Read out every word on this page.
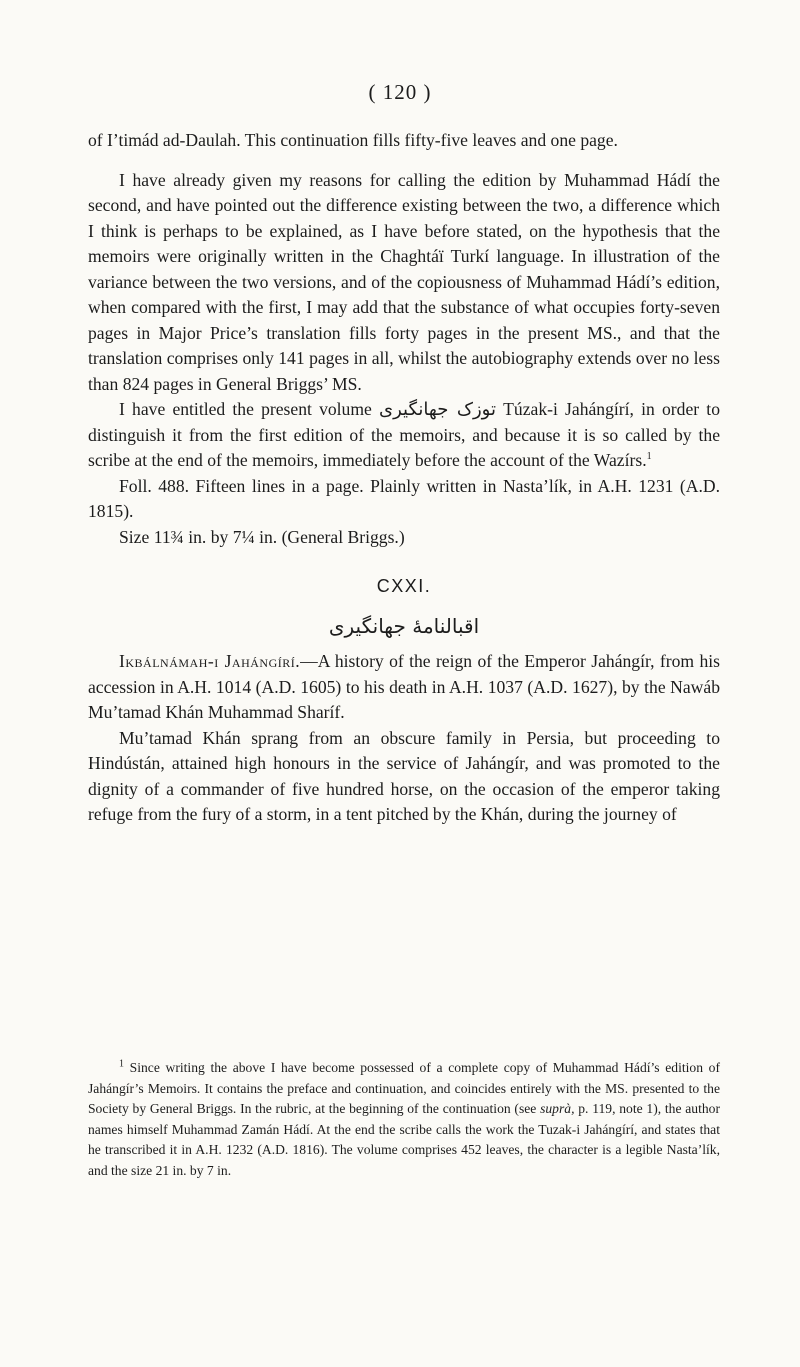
( 120 )

of I’timád ad-Daulah. This continuation fills fifty-five leaves and one page.

I have already given my reasons for calling the edition by Muhammad Hádí the second, and have pointed out the difference existing between the two, a difference which I think is perhaps to be explained, as I have before stated, on the hypothesis that the memoirs were originally written in the Chaghtáï Turkí language. In illustration of the variance between the two versions, and of the copiousness of Muhammad Hádí’s edition, when compared with the first, I may add that the substance of what occupies forty-seven pages in Major Price’s translation fills forty pages in the present MS., and that the translation comprises only 141 pages in all, whilst the autobiography extends over no less than 824 pages in General Briggs’ MS.

I have entitled the present volume توزک جهانگیری Túzak-i Jahángírí, in order to distinguish it from the first edition of the memoirs, and because it is so called by the scribe at the end of the memoirs, immediately before the account of the Wazírs.$^1$

Foll. 488. Fifteen lines in a page. Plainly written in Nasta’lík, in A.H. 1231 (A.D. 1815).

Size 11¾ in. by 7¼ in. (General Briggs.)

CXXI.
اقبالنامهٔ جهانگیری

Ikbálnámah-i Jahángírí.—A history of the reign of the Emperor Jahángír, from his accession in A.H. 1014 (A.D. 1605) to his death in A.H. 1037 (A.D. 1627), by the Nawáb Mu’tamad Khán Muhammad Sharíf.

Mu’tamad Khán sprang from an obscure family in Persia, but proceeding to Hindústán, attained high honours in the service of Jahángír, and was promoted to the dignity of a commander of five hundred horse, on the occasion of the emperor taking refuge from the fury of a storm, in a tent pitched by the Khán, during the journey of

$^1$ Since writing the above I have become possessed of a complete copy of Muhammad Hádí’s edition of Jahángír’s Memoirs. It contains the preface and continuation, and coincides entirely with the MS. presented to the Society by General Briggs. In the rubric, at the beginning of the continuation (see suprà, p. 119, note 1), the author names himself Muhammad Zamán Hádí. At the end the scribe calls the work the Tuzak-i Jahángírí, and states that he transcribed it in A.H. 1232 (A.D. 1816). The volume comprises 452 leaves, the character is a legible Nasta’lík, and the size 21 in. by 7 in.
